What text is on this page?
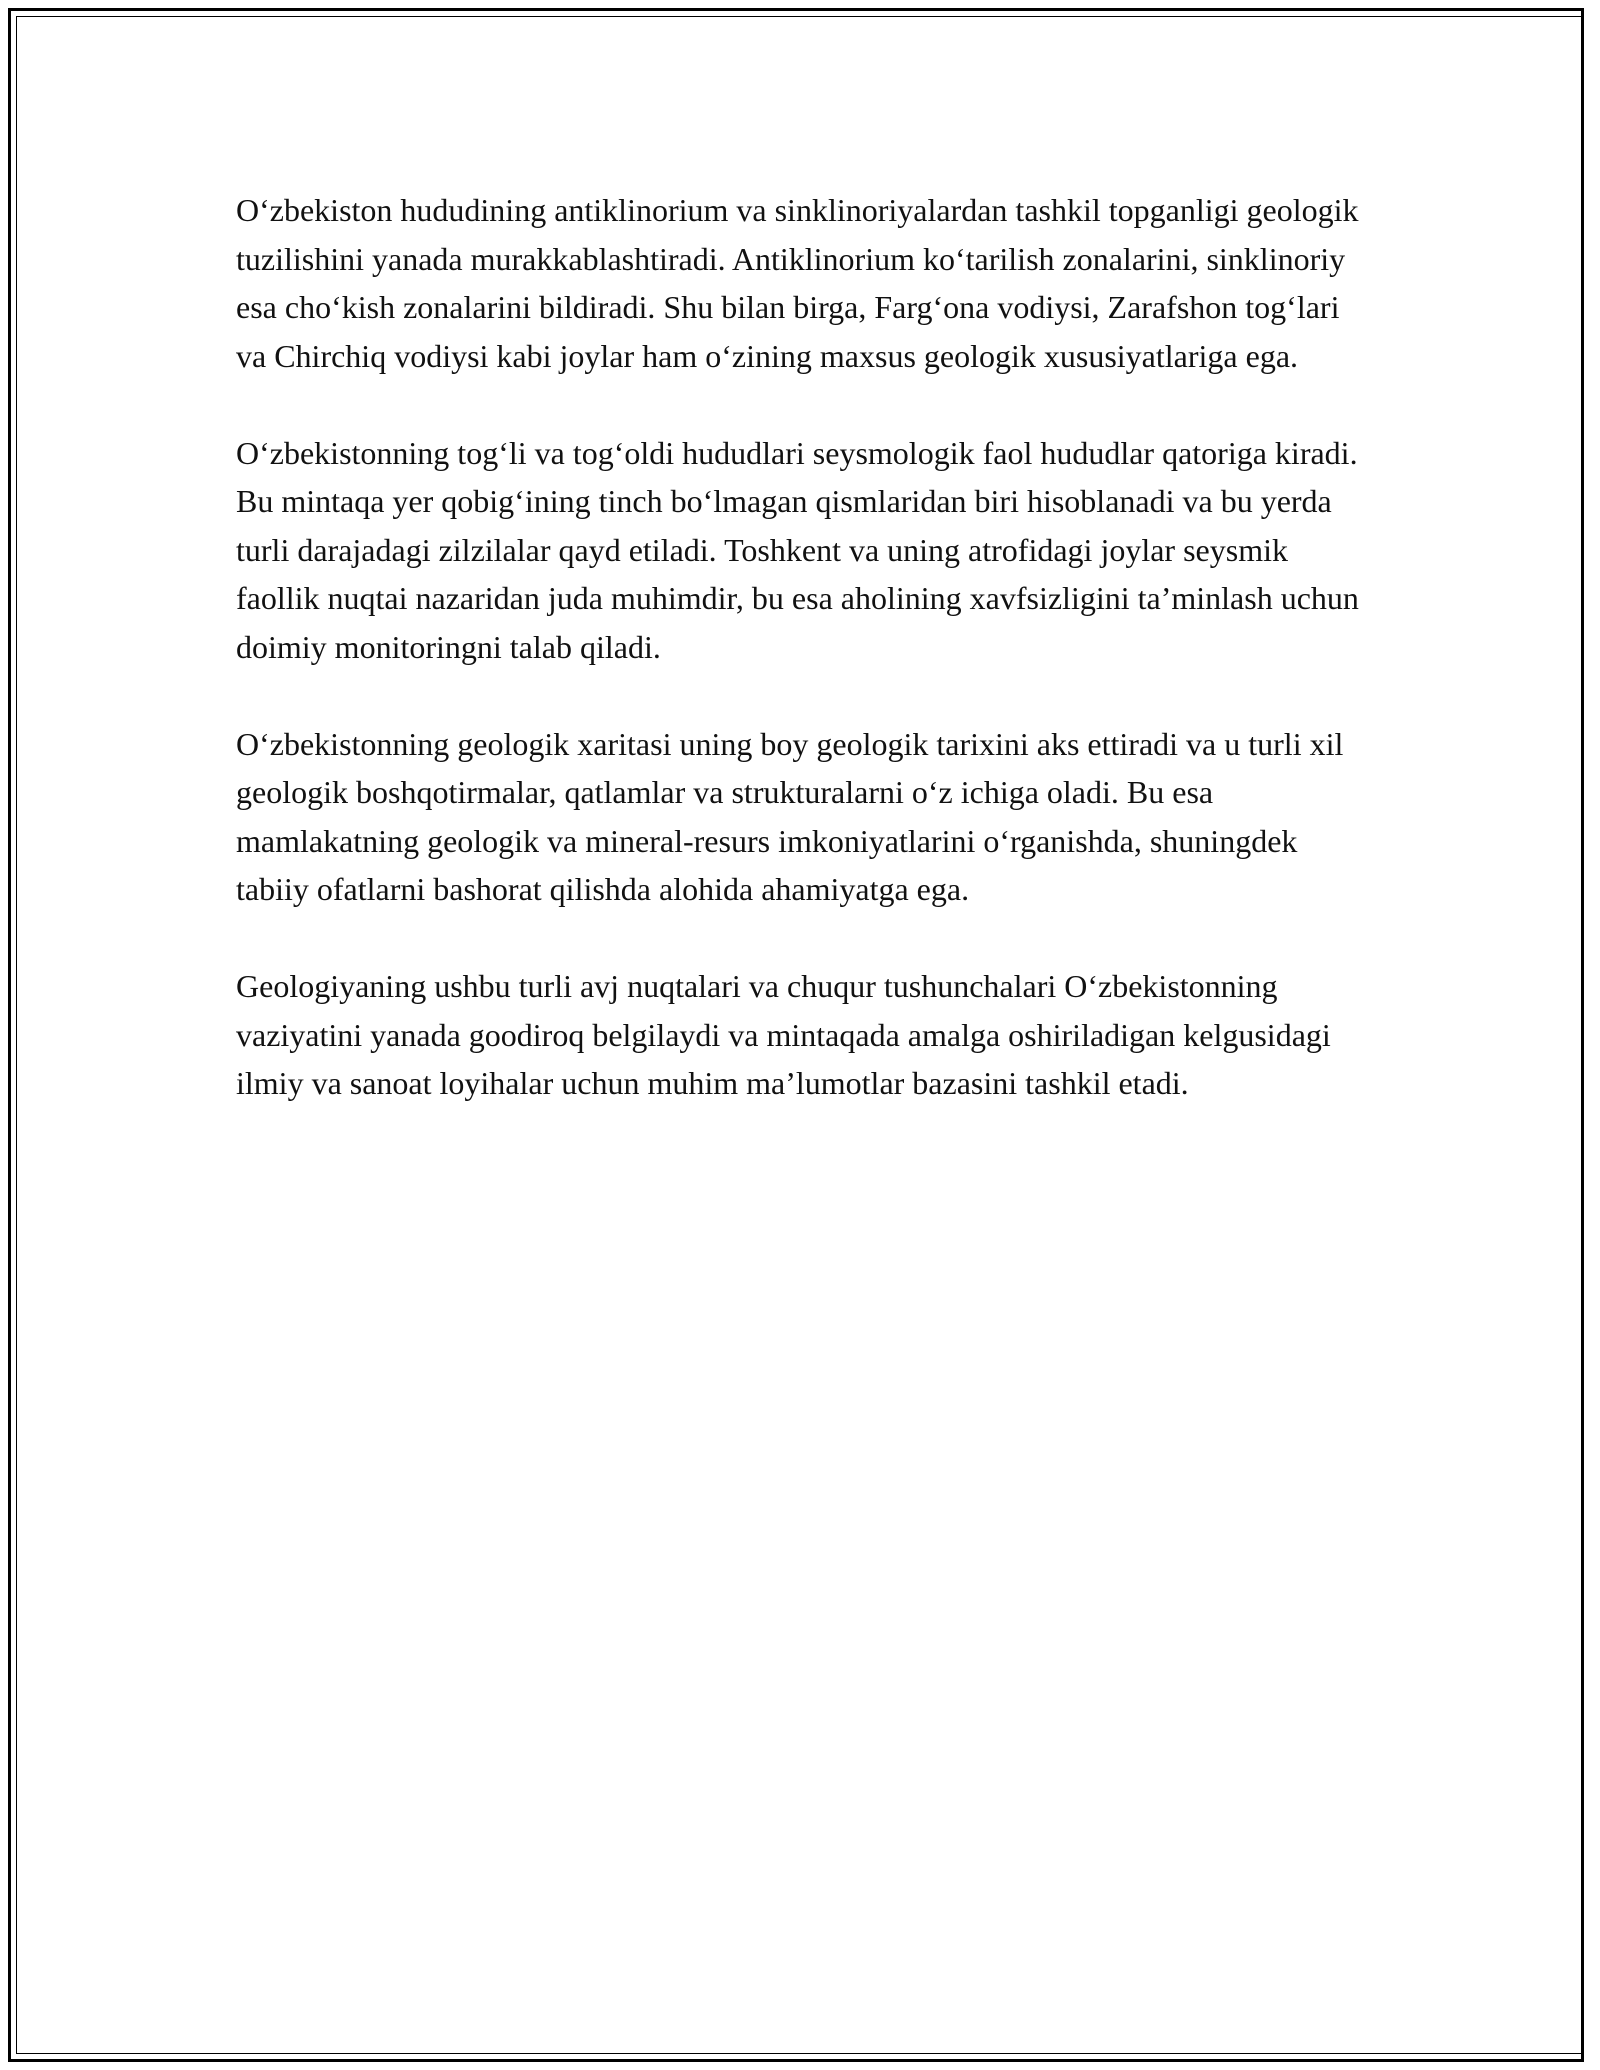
O‘zbekiston hududining antiklinorium va sinklinoriyalardan tashkil topganligi geologik tuzilishini yanada murakkablashtiradi. Antiklinorium ko‘tarilish zonalarini, sinklinoriy esa cho‘kish zonalarini bildiradi. Shu bilan birga, Farg‘ona vodiysi, Zarafshon tog‘lari va Chirchiq vodiysi kabi joylar ham o‘zining maxsus geologik xususiyatlariga ega.

O‘zbekistonning tog‘li va tog‘oldi hududlari seysmologik faol hududlar qatoriga kiradi. Bu mintaqa yer qobig‘ining tinch bo‘lmagan qismlaridan biri hisoblanadi va bu yerda turli darajadagi zilzilalar qayd etiladi. Toshkent va uning atrofidagi joylar seysmik faollik nuqtai nazaridan juda muhimdir, bu esa aholining xavfsizligini ta’minlash uchun doimiy monitoringni talab qiladi.

O‘zbekistonning geologik xaritasi uning boy geologik tarixini aks ettiradi va u turli xil geologik boshqotirmalar, qatlamlar va strukturalarni o‘z ichiga oladi. Bu esa mamlakatning geologik va mineral-resurs imkoniyatlarini o‘rganishda, shuningdek tabiiy ofatlarni bashorat qilishda alohida ahamiyatga ega.

Geologiyaning ushbu turli avj nuqtalari va chuqur tushunchalari O‘zbekistonning vaziyatini yanada goodiroq belgilaydi va mintaqada amalga oshiriladigan kelgusidagi ilmiy va sanoat loyihalar uchun muhim ma’lumotlar bazasini tashkil etadi.
